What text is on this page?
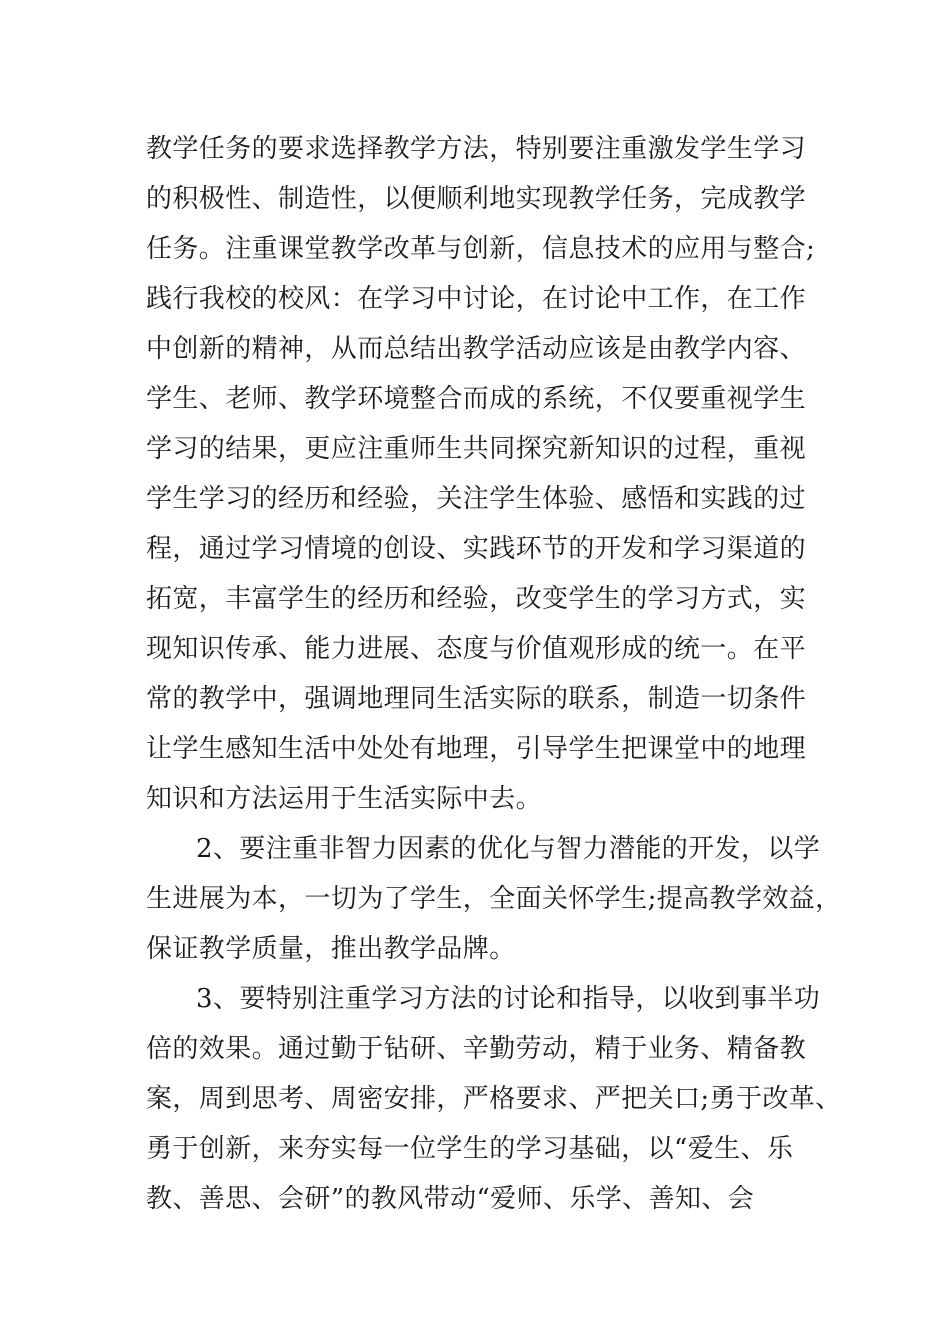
教学任务的要求选择教学方法，特别要注重激发学生学习
的积极性、制造性，以便顺利地实现教学任务，完成教学
任务。注重课堂教学改革与创新，信息技术的应用与整合;
践行我校的校风：在学习中讨论，在讨论中工作，在工作
中创新的精神，从而总结出教学活动应该是由教学内容、
学生、老师、教学环境整合而成的系统，不仅要重视学生
学习的结果，更应注重师生共同探究新知识的过程，重视
学生学习的经历和经验，关注学生体验、感悟和实践的过
程，通过学习情境的创设、实践环节的开发和学习渠道的
拓宽，丰富学生的经历和经验，改变学生的学习方式，实
现知识传承、能力进展、态度与价值观形成的统一。在平
常的教学中，强调地理同生活实际的联系，制造一切条件
让学生感知生活中处处有地理，引导学生把课堂中的地理
知识和方法运用于生活实际中去。
2、要注重非智力因素的优化与智力潜能的开发，以学
生进展为本，一切为了学生，全面关怀学生;提高教学效益，
保证教学质量，推出教学品牌。
3、要特别注重学习方法的讨论和指导，以收到事半功
倍的效果。通过勤于钻研、辛勤劳动，精于业务、精备教
案，周到思考、周密安排，严格要求、严把关口;勇于改革、
勇于创新，来夯实每一位学生的学习基础，以“爱生、乐
教、善思、会研”的教风带动“爱师、乐学、善知、会
